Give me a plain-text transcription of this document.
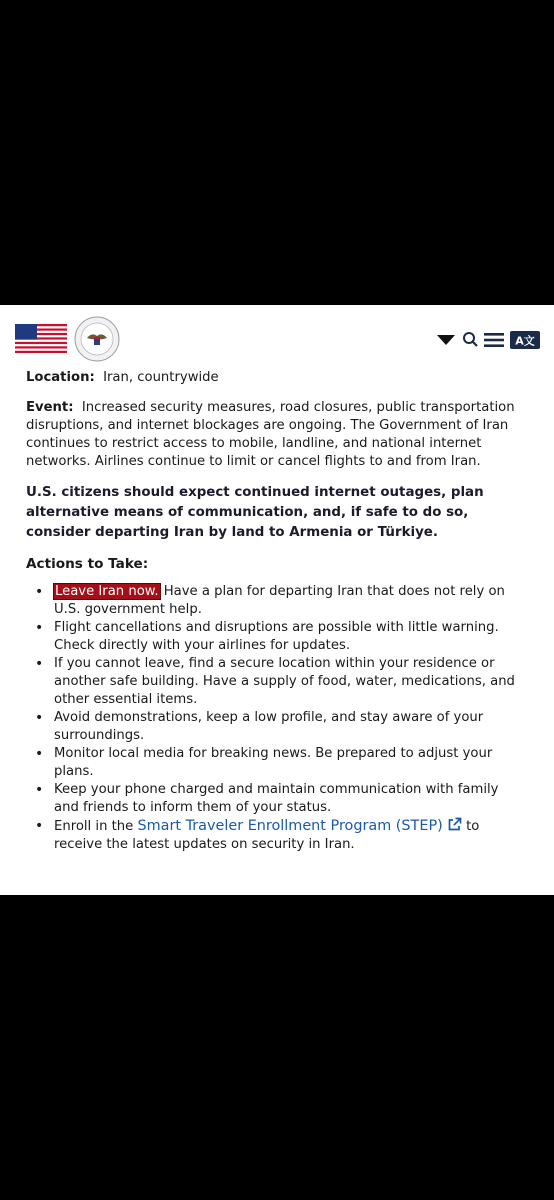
A文

Location: Iran, countrywide

Event: Increased security measures, road closures, public transportation disruptions, and internet blockages are ongoing. The Government of Iran continues to restrict access to mobile, landline, and national internet networks. Airlines continue to limit or cancel flights to and from Iran.

U.S. citizens should expect continued internet outages, plan alternative means of communication, and, if safe to do so, consider departing Iran by land to Armenia or Türkiye.

Actions to Take:

• Leave Iran now. Have a plan for departing Iran that does not rely on U.S. government help.
• Flight cancellations and disruptions are possible with little warning. Check directly with your airlines for updates.
• If you cannot leave, find a secure location within your residence or another safe building. Have a supply of food, water, medications, and other essential items.
• Avoid demonstrations, keep a low profile, and stay aware of your surroundings.
• Monitor local media for breaking news. Be prepared to adjust your plans.
• Keep your phone charged and maintain communication with family and friends to inform them of your status.
• Enroll in the Smart Traveler Enrollment Program (STEP)  to receive the latest updates on security in Iran.
